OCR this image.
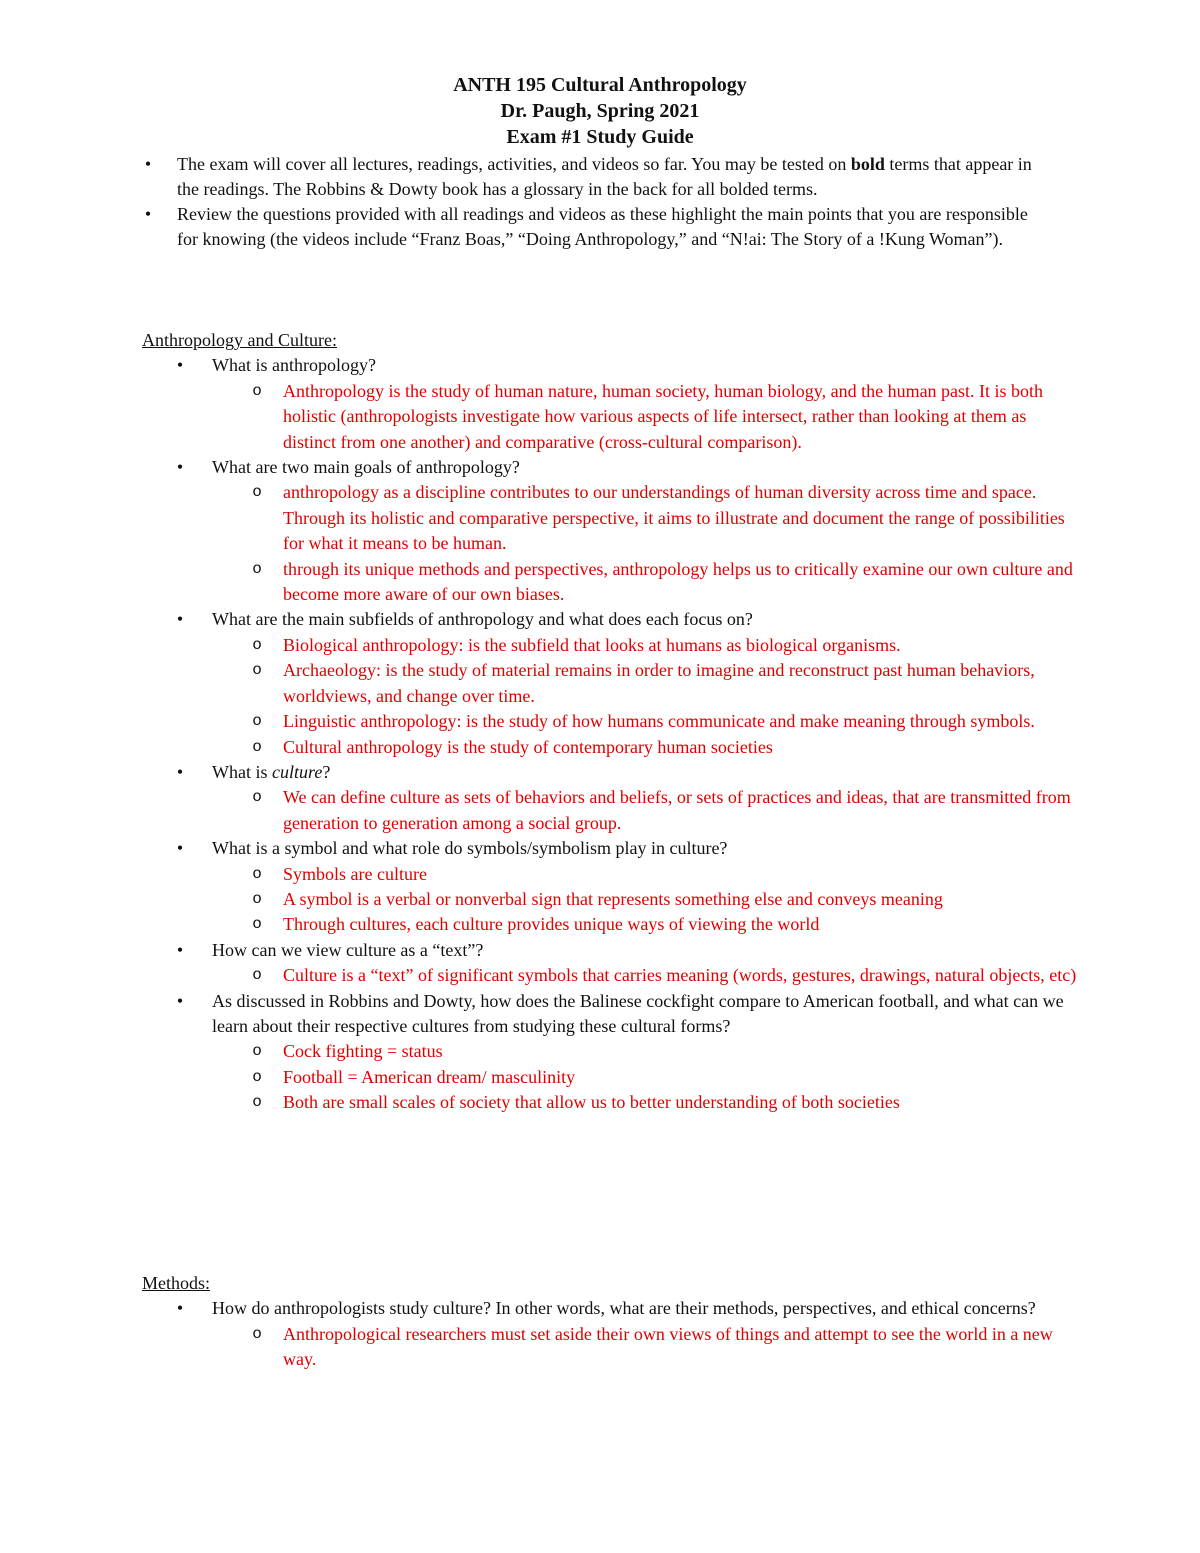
ANTH 195 Cultural Anthropology
Dr. Paugh, Spring 2021
Exam #1 Study Guide
• The exam will cover all lectures, readings, activities, and videos so far. You may be tested on bold terms that appear in the readings. The Robbins & Dowty book has a glossary in the back for all bolded terms.
• Review the questions provided with all readings and videos as these highlight the main points that you are responsible for knowing (the videos include “Franz Boas,” “Doing Anthropology,” and “N!ai: The Story of a !Kung Woman”).
Anthropology and Culture:
• What is anthropology?
o Anthropology is the study of human nature, human society, human biology, and the human past. It is both holistic (anthropologists investigate how various aspects of life intersect, rather than looking at them as distinct from one another) and comparative (cross-cultural comparison).
• What are two main goals of anthropology?
o anthropology as a discipline contributes to our understandings of human diversity across time and space. Through its holistic and comparative perspective, it aims to illustrate and document the range of possibilities for what it means to be human.
o through its unique methods and perspectives, anthropology helps us to critically examine our own culture and become more aware of our own biases.
• What are the main subfields of anthropology and what does each focus on?
o Biological anthropology: is the subfield that looks at humans as biological organisms.
o Archaeology: is the study of material remains in order to imagine and reconstruct past human behaviors, worldviews, and change over time.
o Linguistic anthropology: is the study of how humans communicate and make meaning through symbols.
o Cultural anthropology is the study of contemporary human societies
• What is culture?
o We can define culture as sets of behaviors and beliefs, or sets of practices and ideas, that are transmitted from generation to generation among a social group.
• What is a symbol and what role do symbols/symbolism play in culture?
o Symbols are culture
o A symbol is a verbal or nonverbal sign that represents something else and conveys meaning
o Through cultures, each culture provides unique ways of viewing the world
• How can we view culture as a “text”?
o Culture is a “text” of significant symbols that carries meaning (words, gestures, drawings, natural objects, etc)
• As discussed in Robbins and Dowty, how does the Balinese cockfight compare to American football, and what can we learn about their respective cultures from studying these cultural forms?
o Cock fighting = status
o Football = American dream/ masculinity
o Both are small scales of society that allow us to better understanding of both societies
Methods:
• How do anthropologists study culture? In other words, what are their methods, perspectives, and ethical concerns?
o Anthropological researchers must set aside their own views of things and attempt to see the world in a new way.
